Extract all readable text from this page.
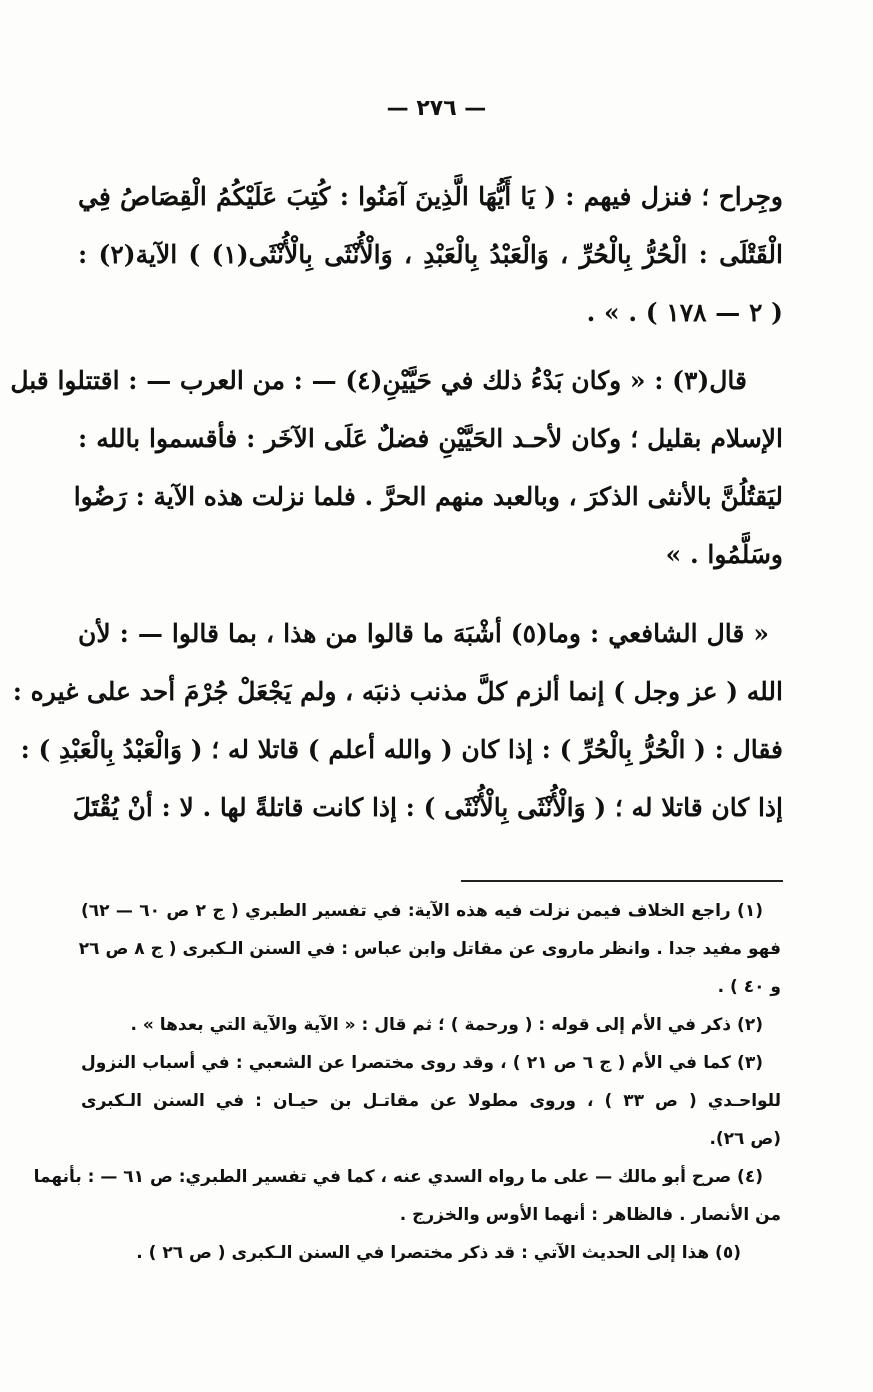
— ٢٧٦ —
وجِراح ؛ فنزل فيهم : ( يَا أَيُّهَا الَّذِينَ آمَنُوا : كُتِبَ عَلَيْكُمُ الْقِصَاصُ فِي
الْقَتْلَى : الْحُرُّ بِالْحُرِّ ، وَالْعَبْدُ بِالْعَبْدِ ، وَالْأُنْثَى بِالْأُنْثَى(١) ) الآية(٢) :
( ٢ — ١٧٨ ) . » .
قال(٣) : « وكان بَدْءُ ذلك في حَيَّيْنِ(٤) — : من العرب — : اقتتلوا قبل
الإسلام بقليل ؛ وكان لأحـد الحَيَّيْنِ فضلٌ عَلَى الآخَر : فأقسموا بالله :
ليَقتُلُنَّ بالأنثى الذكرَ ، وبالعبد منهم الحرَّ . فلما نزلت هذه الآية : رَضُوا
وسَلَّمُوا . »
« قال الشافعي : وما(٥) أشْبَهَ ما قالوا من هذا ، بما قالوا — : لأن
الله ( عز وجل ) إنما ألزم كلَّ مذنب ذنبَه ، ولم يَجْعَلْ جُرْمَ أحد على غيره :
فقال : ( الْحُرُّ بِالْحُرِّ ) : إذا كان ( والله أعلم ) قاتلا له ؛ ( وَالْعَبْدُ بِالْعَبْدِ ) :
إذا كان قاتلا له ؛ ( وَالْأُنْثَى بِالْأُنْثَى ) : إذا كانت قاتلةً لها . لا : أنْ يُقْتَلَ
(١) راجع الخلاف فيمن نزلت فيه هذه الآية: في تفسير الطبري ( ج ٢ ص ٦٠ — ٦٢)
فهو مفيد جدا . وانظر ماروى عن مقاتل وابن عباس : في السنن الـكبرى ( ج ٨ ص ٢٦
و ٤٠ ) .
(٢) ذكر في الأم إلى قوله : ( ورحمة ) ؛ ثم قال : « الآية والآية التي بعدها » .
(٣) كما في الأم ( ج ٦ ص ٢١ ) ، وقد روى مختصرا عن الشعبي : في أسباب النزول
للواحـدي ( ص ٣٣ ) ، وروى مطولا عن مقاتـل بن حيـان : في السنن الـكبرى
(ص ٢٦).
(٤) صرح أبو مالك — على ما رواه السدي عنه ، كما في تفسير الطبري: ص ٦١ — : بأنهما
من الأنصار . فالظاهر : أنهما الأوس والخزرج .
(٥) هذا إلى الحديث الآتي : قد ذكر مختصرا في السنن الـكبرى ( ص ٢٦ ) .
